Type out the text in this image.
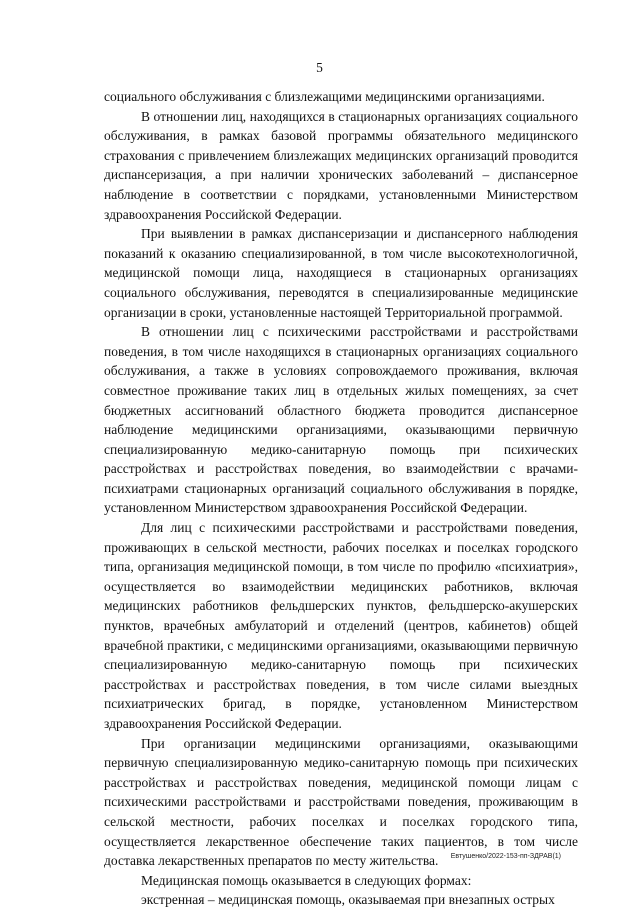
5

социального обслуживания с близлежащими медицинскими организациями.

В отношении лиц, находящихся в стационарных организациях социального обслуживания, в рамках базовой программы обязательного медицинского страхования с привлечением близлежащих медицинских организаций проводится диспансеризация, а при наличии хронических заболеваний – диспансерное наблюдение в соответствии с порядками, установленными Министерством здравоохранения Российской Федерации.

При выявлении в рамках диспансеризации и диспансерного наблюдения показаний к оказанию специализированной, в том числе высокотехнологичной, медицинской помощи лица, находящиеся в стационарных организациях социального обслуживания, переводятся в специализированные медицинские организации в сроки, установленные настоящей Территориальной программой.

В отношении лиц с психическими расстройствами и расстройствами поведения, в том числе находящихся в стационарных организациях социального обслуживания, а также в условиях сопровождаемого проживания, включая совместное проживание таких лиц в отдельных жилых помещениях, за счет бюджетных ассигнований областного бюджета проводится диспансерное наблюдение медицинскими организациями, оказывающими первичную специализированную медико-санитарную помощь при психических расстройствах и расстройствах поведения, во взаимодействии с врачами-психиатрами стационарных организаций социального обслуживания в порядке, установленном Министерством здравоохранения Российской Федерации.

Для лиц с психическими расстройствами и расстройствами поведения, проживающих в сельской местности, рабочих поселках и поселках городского типа, организация медицинской помощи, в том числе по профилю «психиатрия», осуществляется во взаимодействии медицинских работников, включая медицинских работников фельдшерских пунктов, фельдшерско-акушерских пунктов, врачебных амбулаторий и отделений (центров, кабинетов) общей врачебной практики, с медицинскими организациями, оказывающими первичную специализированную медико-санитарную помощь при психических расстройствах и расстройствах поведения, в том числе силами выездных психиатрических бригад, в порядке, установленном Министерством здравоохранения Российской Федерации.

При организации медицинскими организациями, оказывающими первичную специализированную медико-санитарную помощь при психических расстройствах и расстройствах поведения, медицинской помощи лицам с психическими расстройствами и расстройствами поведения, проживающим в сельской местности, рабочих поселках и поселках городского типа, осуществляется лекарственное обеспечение таких пациентов, в том числе доставка лекарственных препаратов по месту жительства.

Медицинская помощь оказывается в следующих формах:

экстренная – медицинская помощь, оказываемая при внезапных острых

Евтушенко/2022-153-пп-ЗДРАВ(1)
